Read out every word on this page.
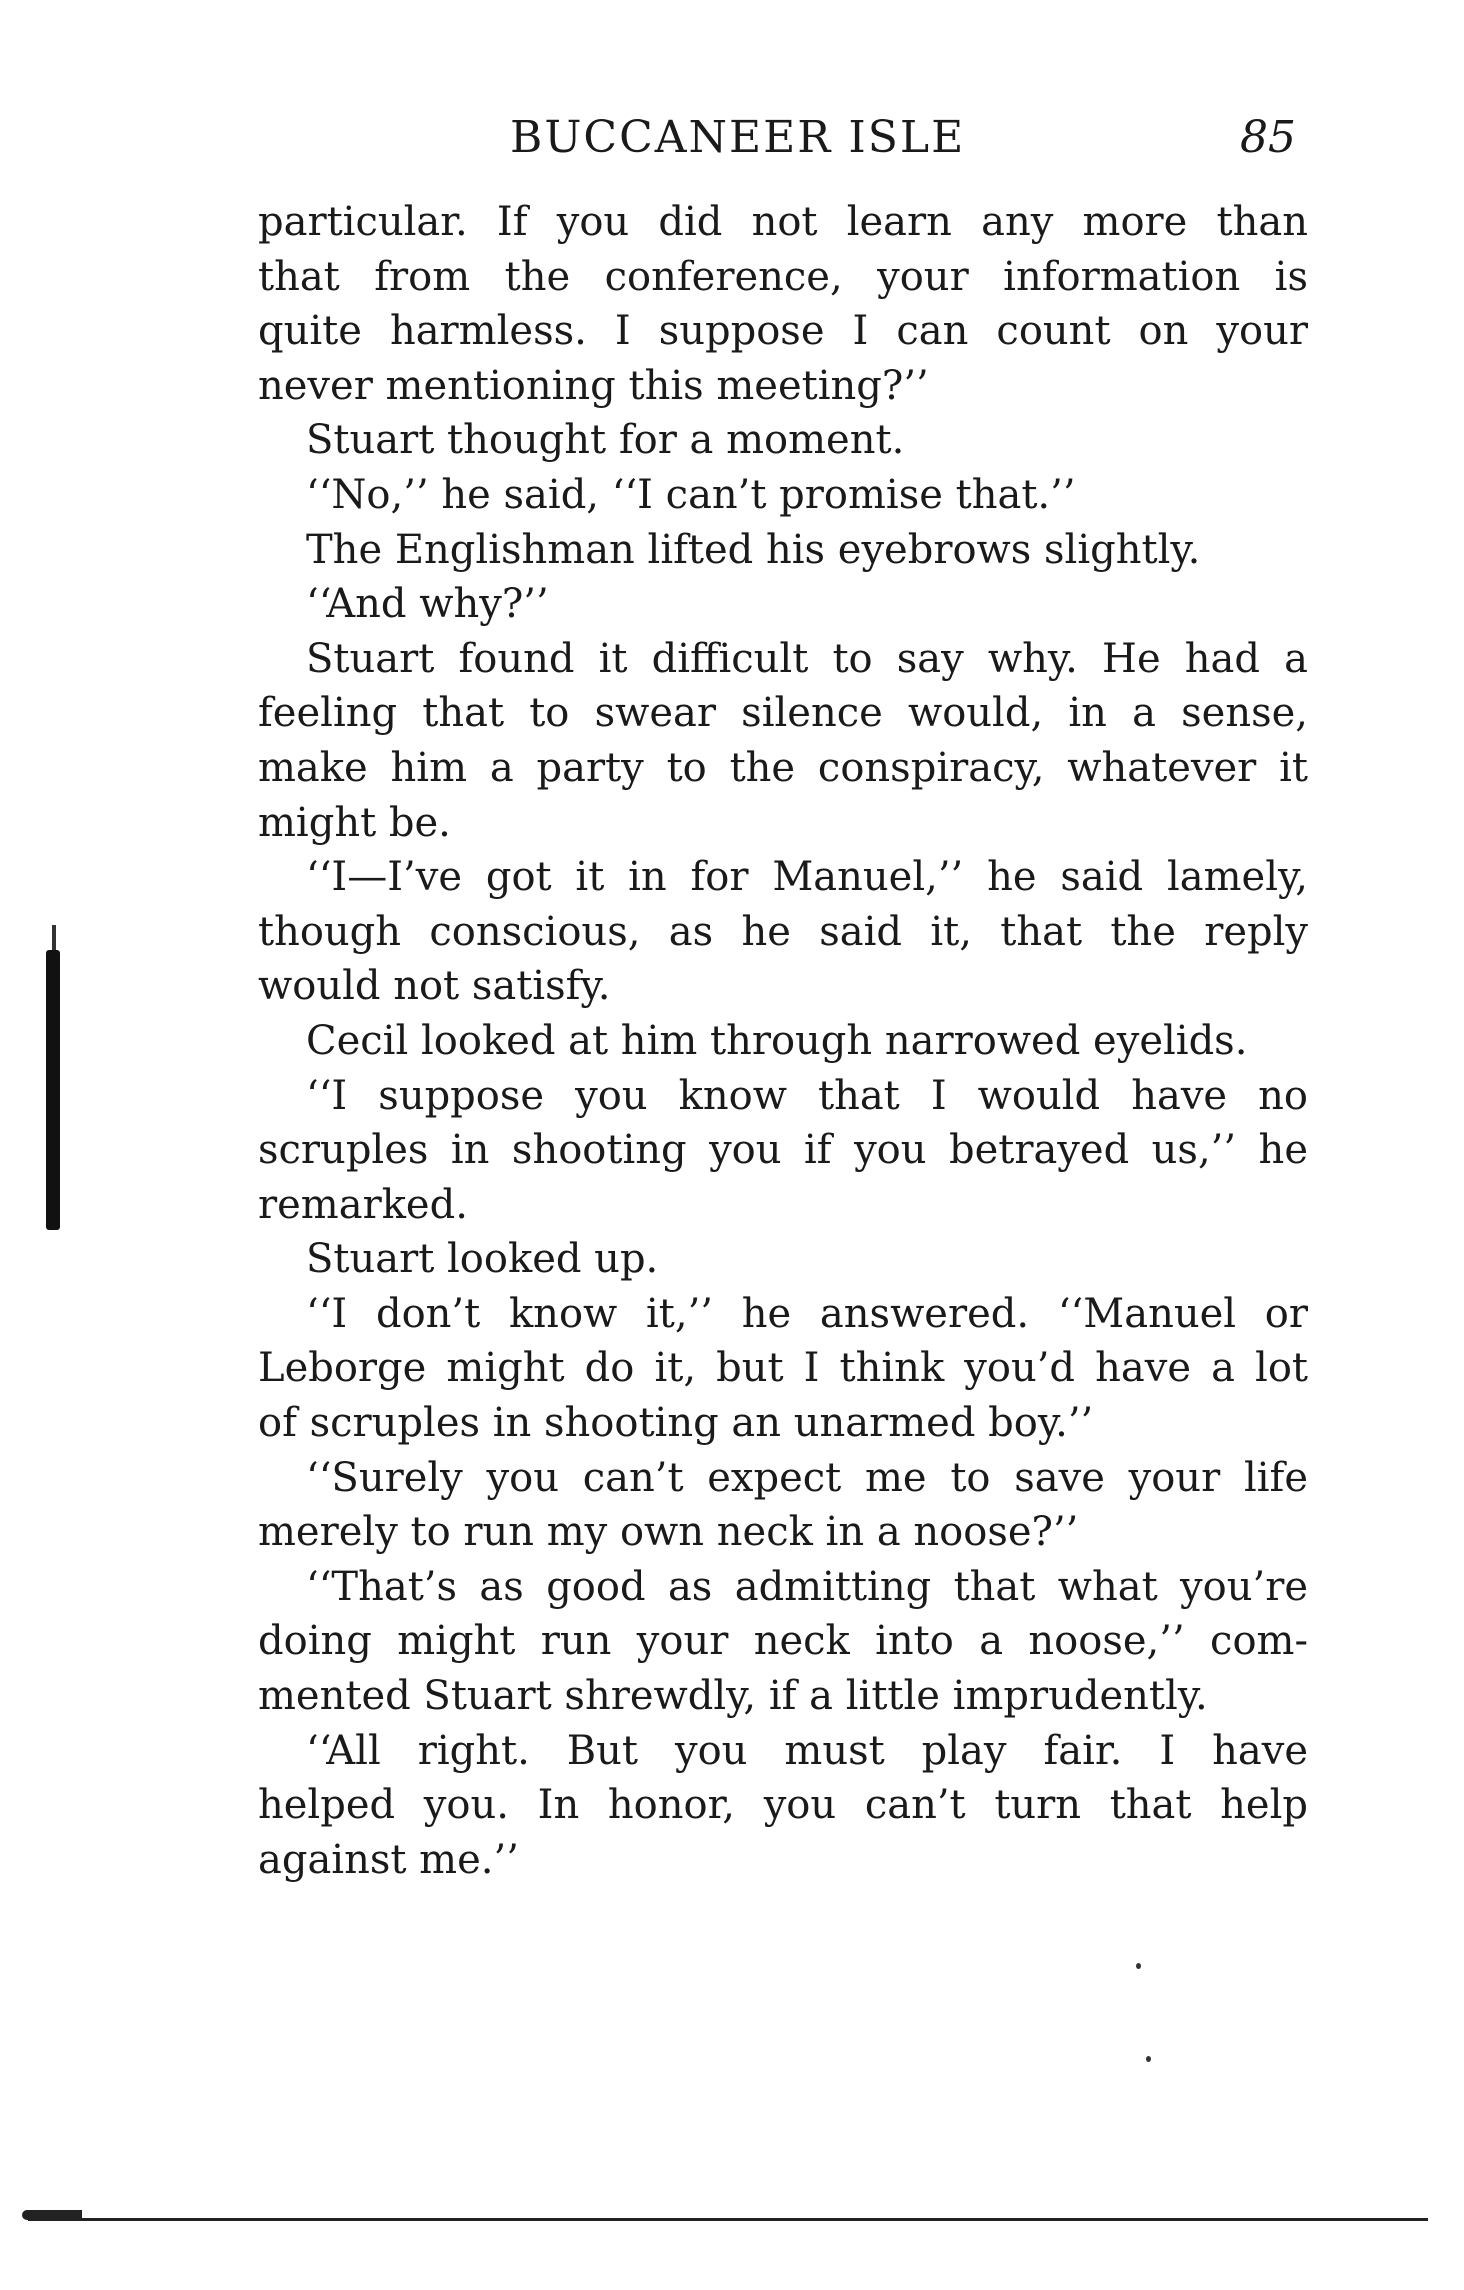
BUCCANEER ISLE	85
particular. If you did not learn any more than
that from the conference, your information is
quite harmless. I suppose I can count on your
never mentioning this meeting?’’
Stuart thought for a moment.
‘‘No,’’ he said, ‘‘I can’t promise that.’’
The Englishman lifted his eyebrows slightly.
‘‘And why?’’
Stuart found it difficult to say why. He had a
feeling that to swear silence would, in a sense,
make him a party to the conspiracy, whatever it
might be.
‘‘I—I’ve got it in for Manuel,’’ he said lamely,
though conscious, as he said it, that the reply
would not satisfy.
Cecil looked at him through narrowed eyelids.
‘‘I suppose you know that I would have no
scruples in shooting you if you betrayed us,’’ he
remarked.
Stuart looked up.
‘‘I don’t know it,’’ he answered. ‘‘Manuel or
Leborge might do it, but I think you’d have a lot
of scruples in shooting an unarmed boy.’’
‘‘Surely you can’t expect me to save your life
merely to run my own neck in a noose?’’
‘‘That’s as good as admitting that what you’re
doing might run your neck into a noose,’’ com-
mented Stuart shrewdly, if a little imprudently.
‘‘All right. But you must play fair. I have
helped you. In honor, you can’t turn that help
against me.’’
